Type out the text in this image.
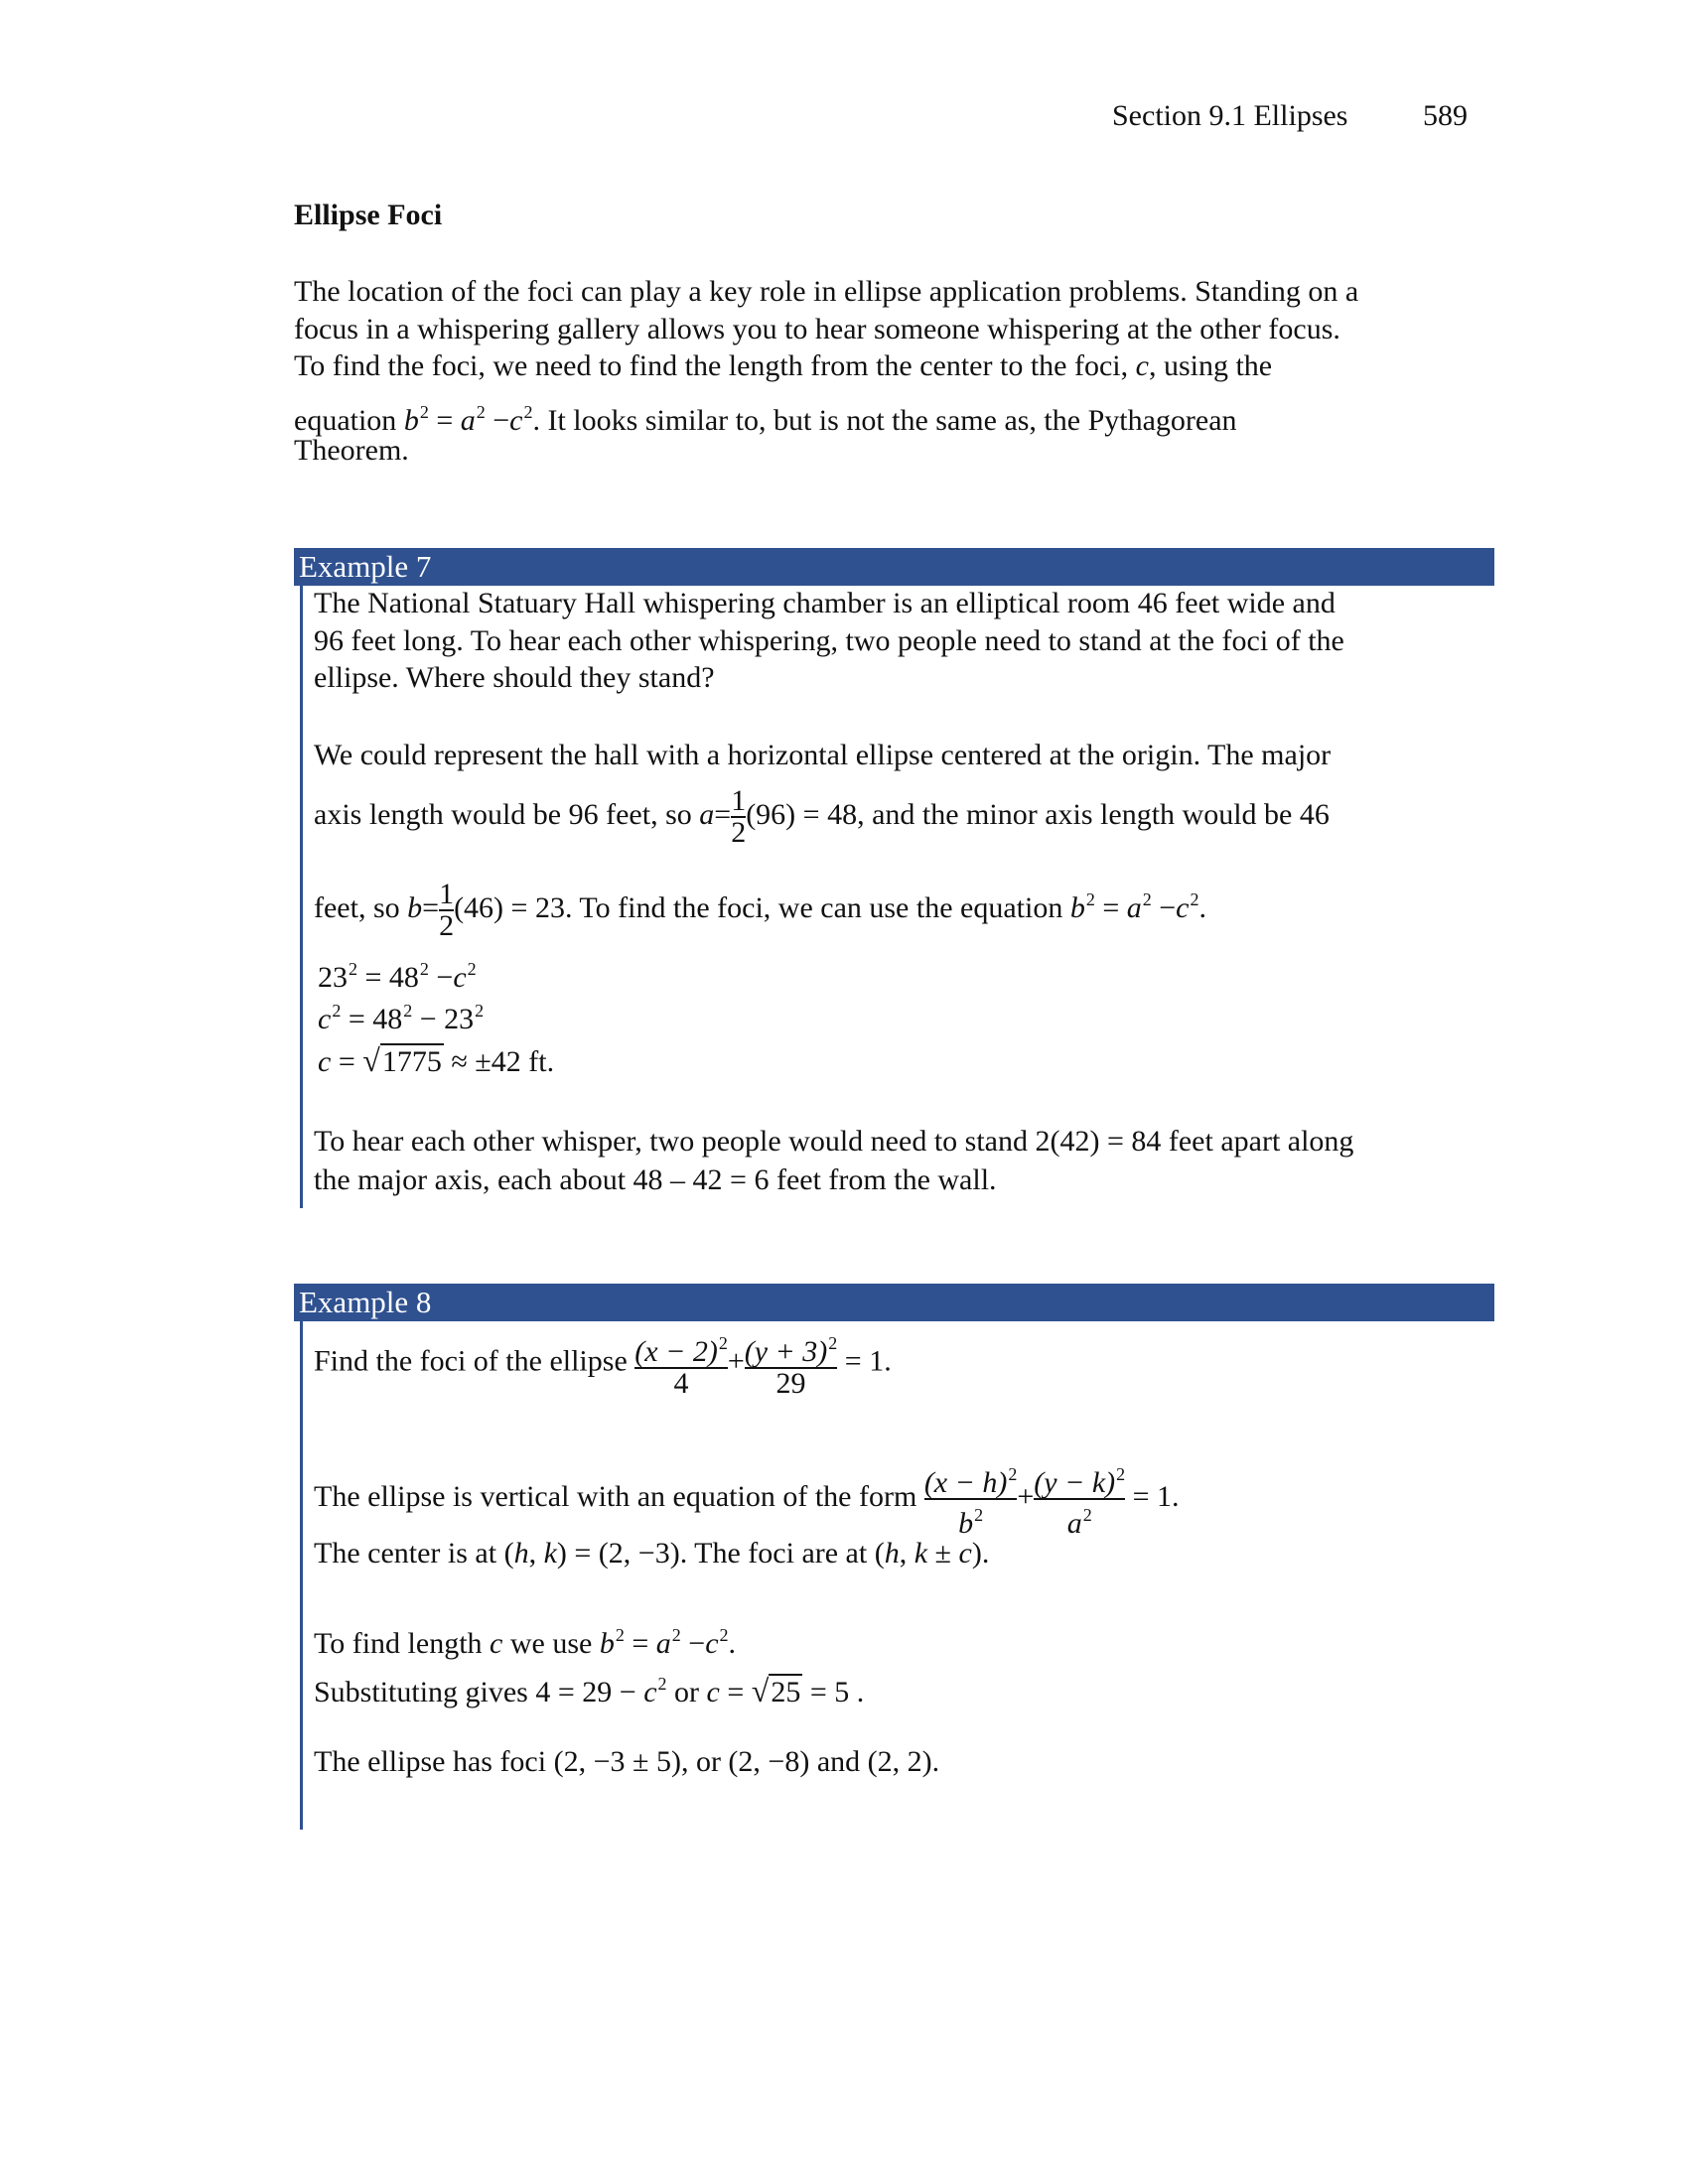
Section 9.1 Ellipses	589
Ellipse Foci
The location of the foci can play a key role in ellipse application problems. Standing on a
focus in a whispering gallery allows you to hear someone whispering at the other focus.
To find the foci, we need to find the length from the center to the foci, c, using the
equation $b^2 = a^2 -c^2$. It looks similar to, but is not the same as, the Pythagorean
Theorem.
Example 7
The National Statuary Hall whispering chamber is an elliptical room 46 feet wide and
96 feet long. To hear each other whispering, two people need to stand at the foci of the
ellipse. Where should they stand?
We could represent the hall with a horizontal ellipse centered at the origin. The major
axis length would be 96 feet, so $a= \frac{1}{2} (96) = 48$, and the minor axis length would be 46
feet, so $b= \frac{1}{2} (46) = 23$. To find the foci, we can use the equation $b^2 = a^2 -c^2$.
$23^2 = 48^2 -c^2$
$c^2 = 48^2 - 23^2$
c = √1775 ≈ ±42 ft.
To hear each other whisper, two people would need to stand 2(42) = 84 feet apart along
the major axis, each about 48 – 42 = 6 feet from the wall.
Example 8
Find the foci of the ellipse $\frac{(x - 2)^2}{4} + \frac{(y + 3)^2}{29} = 1$.
The ellipse is vertical with an equation of the form $\frac{(x - h)^2}{b^2} + \frac{(y - k)^2}{a^2} = 1$.
The center is at (h, k) = (2, −3). The foci are at (h, k ± c).
To find length c we use $b^2 = a^2 -c^2$.
Substituting gives $4 = 29 - c^2$ or c = √25 = 5 .
The ellipse has foci (2, −3 ± 5), or (2, −8) and (2, 2).
